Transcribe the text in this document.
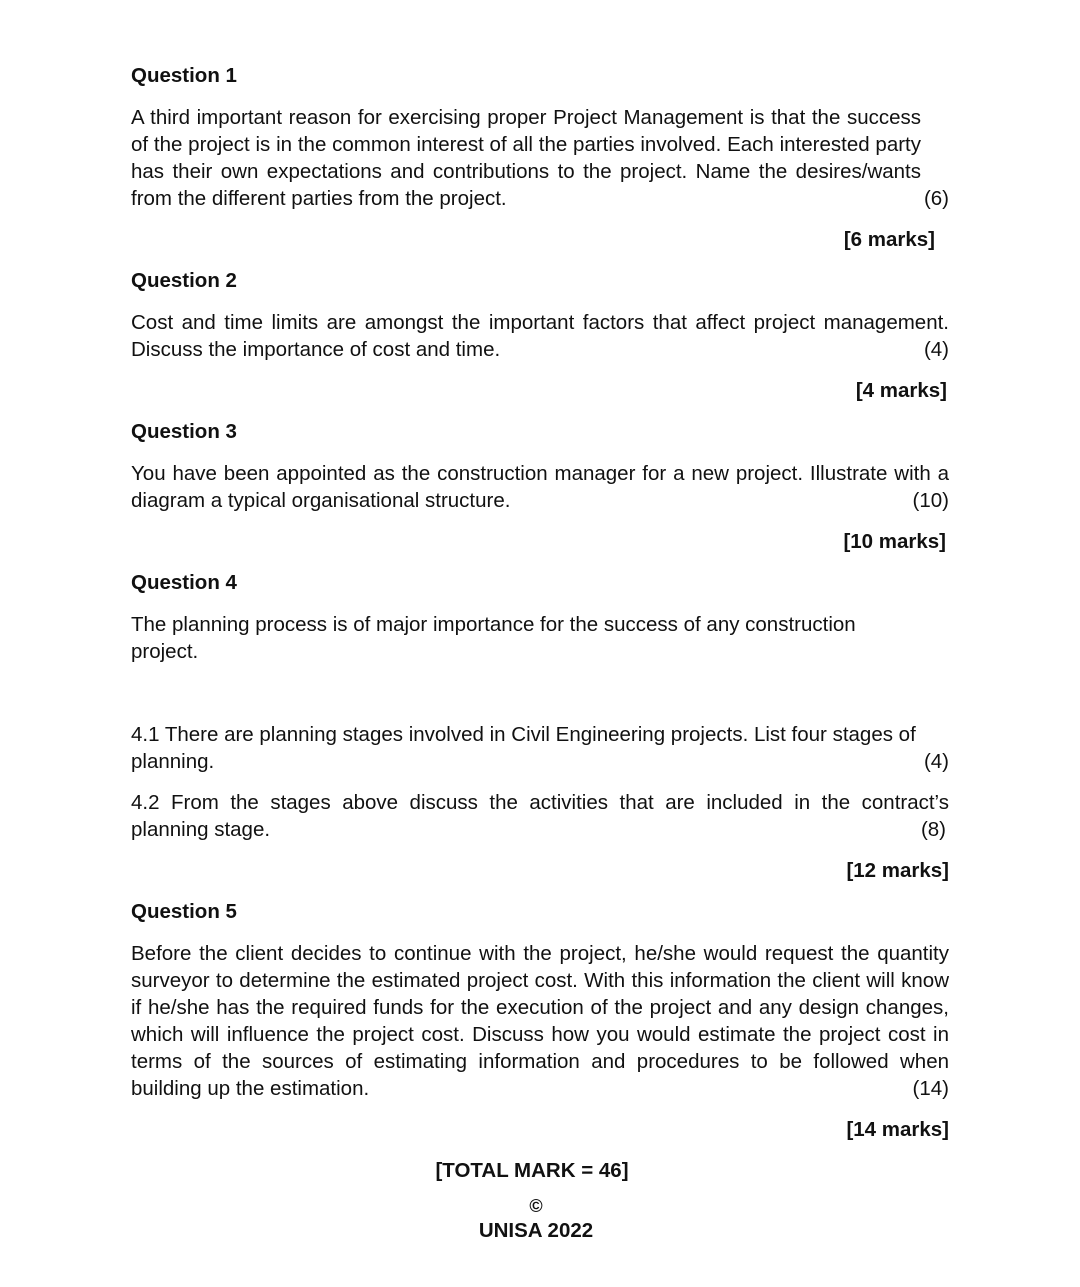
Question 1

A third important reason for exercising proper Project Management is that the success of the project is in the common interest of all the parties involved. Each interested party has their own expectations and contributions to the project. Name the desires/wants from the different parties from the project.	(6)

[6 marks]

Question 2

Cost and time limits are amongst the important factors that affect project management. Discuss the importance of cost and time.	(4)

[4 marks]

Question 3

You have been appointed as the construction manager for a new project. Illustrate with a diagram a typical organisational structure.	(10)

[10 marks]

Question 4

The planning process is of major importance for the success of any construction project.

4.1 There are planning stages involved in Civil Engineering projects. List four stages of planning.	(4)

4.2 From the stages above discuss the activities that are included in the contract’s planning stage.	(8)

[12 marks]

Question 5

Before the client decides to continue with the project, he/she would request the quantity surveyor to determine the estimated project cost. With this information the client will know if he/she has the required funds for the execution of the project and any design changes, which will influence the project cost. Discuss how you would estimate the project cost in terms of the sources of estimating information and procedures to be followed when building up the estimation.	(14)

[14 marks]

[TOTAL MARK = 46]

©

UNISA 2022
